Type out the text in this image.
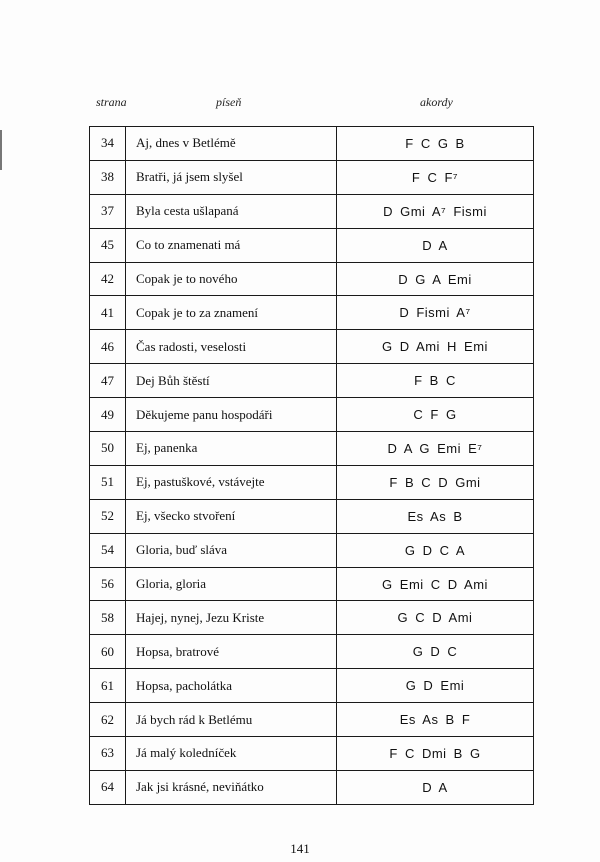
strana	píseň	akordy
34	Aj, dnes v Betlémě	F C G B
38	Bratři, já jsem slyšel	F C F⁷
37	Byla cesta ušlapaná	D Gmi A⁷ Fismi
45	Co to znamenati má	D A
42	Copak je to nového	D G A Emi
41	Copak je to za znamení	D Fismi A⁷
46	Čas radosti, veselosti	G D Ami H Emi
47	Dej Bůh štěstí	F B C
49	Děkujeme panu hospodáři	C F G
50	Ej, panenka	D A G Emi E⁷
51	Ej, pastuškové, vstávejte	F B C D Gmi
52	Ej, všecko stvoření	Es As B
54	Gloria, buď sláva	G D C A
56	Gloria, gloria	G Emi C D Ami
58	Hajej, nynej, Jezu Kriste	G C D Ami
60	Hopsa, bratrové	G D C
61	Hopsa, pacholátka	G D Emi
62	Já bych rád k Betlému	Es As B F
63	Já malý koledníček	F C Dmi B G
64	Jak jsi krásné, neviňátko	D A
141
